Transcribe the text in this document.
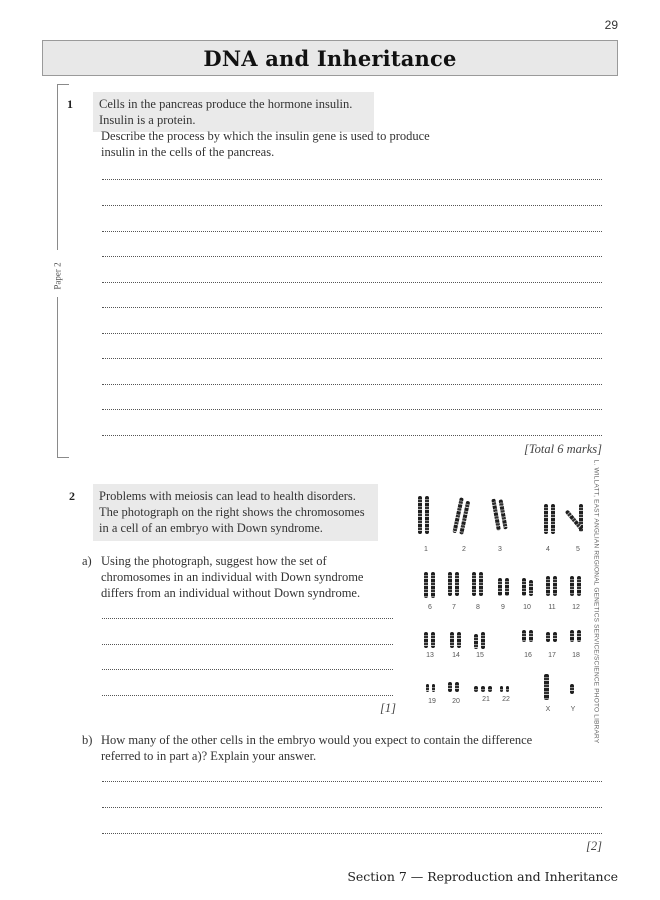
29
DNA and Inheritance
Paper 2
1	Cells in the pancreas produce the hormone insulin. Insulin is a protein.
Describe the process by which the insulin gene is used to produce
insulin in the cells of the pancreas.
[Total 6 marks]
2 Problems with meiosis can lead to health disorders.
The photograph on the right shows the chromosomes
in a cell of an embryo with Down syndrome.
a) Using the photograph, suggest how the set of
chromosomes in an individual with Down syndrome
differs from an individual without Down syndrome.
[1]
1	2	3	4	5
6	7	8	9	10	11	12
13	14	15	16	17	18
19	20	21	22
X	Y	L. WILLATT, EAST ANGLIAN REGIONAL GENETICS SERVICE/SCIENCE PHOTO LIBRARY
b) How many of the other cells in the embryo would you expect to contain the difference
referred to in part a)? Explain your answer.
[2]
Section 7 — Reproduction and Inheritance
